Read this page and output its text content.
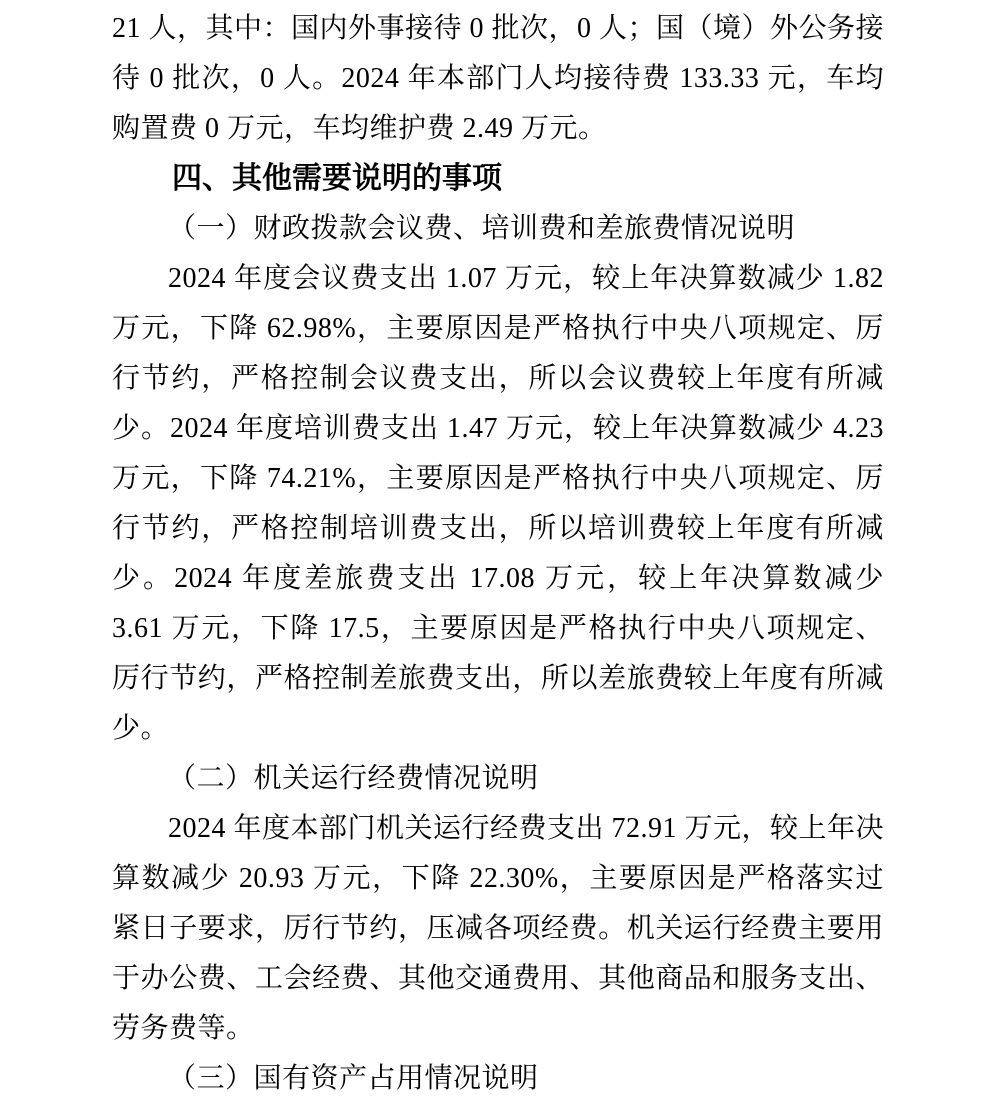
21 人，其中：国内外事接待 0 批次，0 人；国（境）外公务接待 0 批次，0 人。2024 年本部门人均接待费 133.33 元，车均购置费 0 万元，车均维护费 2.49 万元。

四、其他需要说明的事项

（一）财政拨款会议费、培训费和差旅费情况说明

2024 年度会议费支出 1.07 万元，较上年决算数减少 1.82 万元，下降 62.98%，主要原因是严格执行中央八项规定、厉行节约，严格控制会议费支出，所以会议费较上年度有所减少。2024 年度培训费支出 1.47 万元，较上年决算数减少 4.23 万元，下降 74.21%，主要原因是严格执行中央八项规定、厉行节约，严格控制培训费支出，所以培训费较上年度有所减少。2024 年度差旅费支出 17.08 万元，较上年决算数减少 3.61 万元，下降 17.5，主要原因是严格执行中央八项规定、厉行节约，严格控制差旅费支出，所以差旅费较上年度有所减少。

（二）机关运行经费情况说明

2024 年度本部门机关运行经费支出 72.91 万元，较上年决算数减少 20.93 万元，下降 22.30%，主要原因是严格落实过紧日子要求，厉行节约，压减各项经费。机关运行经费主要用于办公费、工会经费、其他交通费用、其他商品和服务支出、劳务费等。

（三）国有资产占用情况说明
